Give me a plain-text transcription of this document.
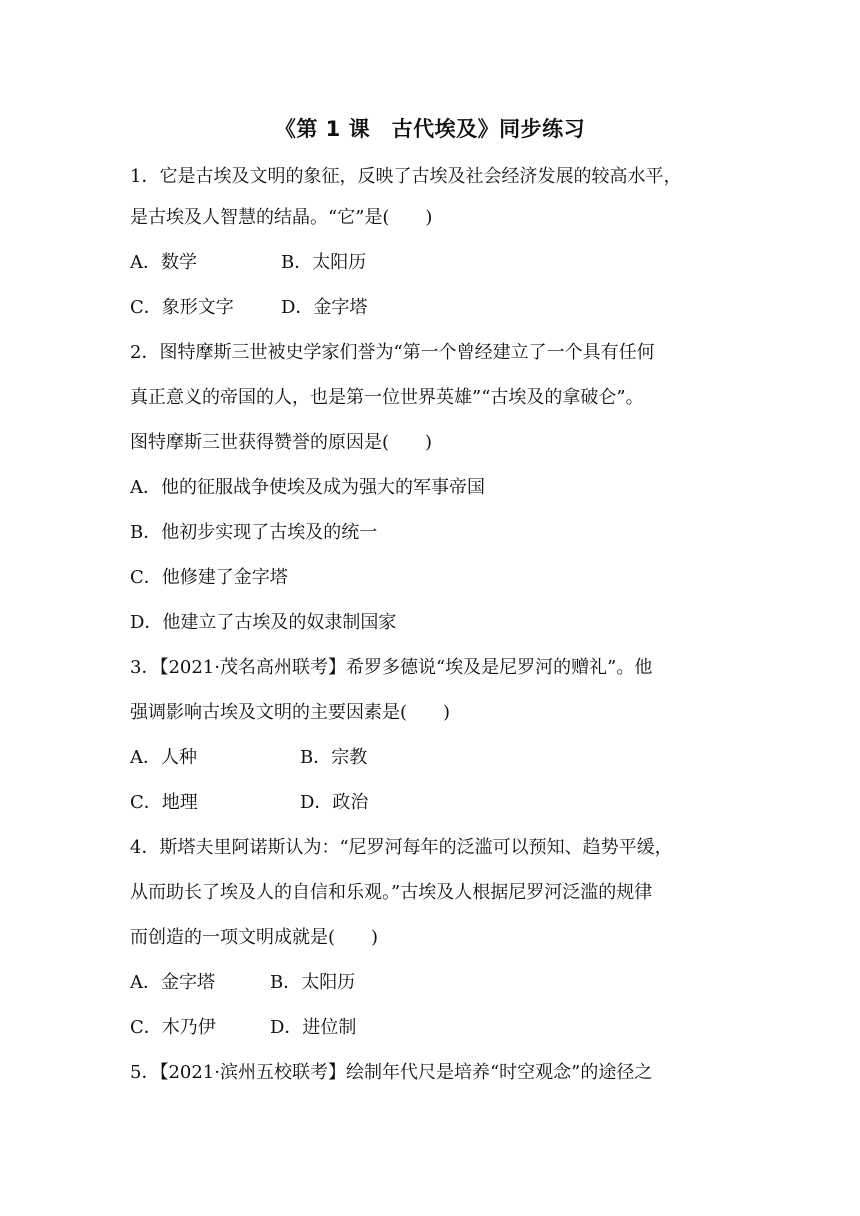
《第 1 课　古代埃及》同步练习
1．它是古埃及文明的象征，反映了古埃及社会经济发展的较高水平，
是古埃及人智慧的结晶。“它”是(　　)
A．数学	B．太阳历
C．象形文字	D．金字塔
2．图特摩斯三世被史学家们誉为“第一个曾经建立了一个具有任何
真正意义的帝国的人，也是第一位世界英雄”“古埃及的拿破仑”。
图特摩斯三世获得赞誉的原因是(　　)
A．他的征服战争使埃及成为强大的军事帝国
B．他初步实现了古埃及的统一
C．他修建了金字塔
D．他建立了古埃及的奴隶制国家
3．【2021·茂名高州联考】希罗多德说“埃及是尼罗河的赠礼”。他
强调影响古埃及文明的主要因素是(　　)
A．人种	B．宗教
C．地理	D．政治
4．斯塔夫里阿诺斯认为：“尼罗河每年的泛滥可以预知、趋势平缓，
从而助长了埃及人的自信和乐观。”古埃及人根据尼罗河泛滥的规律
而创造的一项文明成就是(　　)
A．金字塔	B．太阳历
C．木乃伊	D．进位制
5．【2021·滨州五校联考】绘制年代尺是培养“时空观念”的途径之
